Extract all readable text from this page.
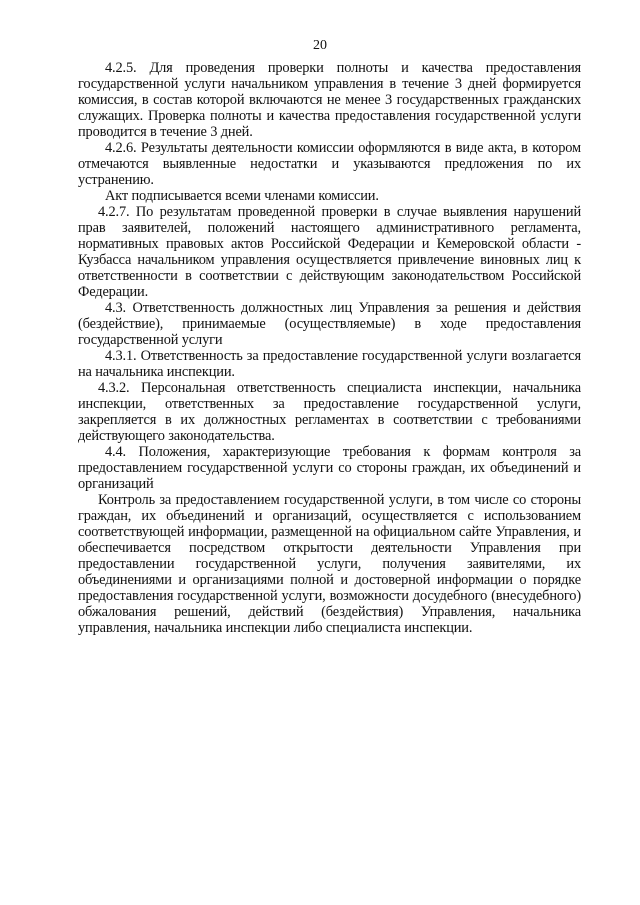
20

4.2.5. Для проведения проверки полноты и качества предоставления государственной услуги начальником управления в течение 3 дней формируется комиссия, в состав которой включаются не менее 3 государственных гражданских служащих. Проверка полноты и качества предоставления государственной услуги проводится в течение 3 дней.

4.2.6. Результаты деятельности комиссии оформляются в виде акта, в котором отмечаются выявленные недостатки и указываются предложения по их устранению.

Акт подписывается всеми членами комиссии.

4.2.7. По результатам проведенной проверки в случае выявления нарушений прав заявителей, положений настоящего административного регламента, нормативных правовых актов Российской Федерации и Кемеровской области - Кузбасса начальником управления осуществляется привлечение виновных лиц к ответственности в соответствии с действующим законодательством Российской Федерации.

4.3. Ответственность должностных лиц Управления за решения и действия (бездействие), принимаемые (осуществляемые) в ходе предоставления государственной услуги

4.3.1. Ответственность за предоставление государственной услуги возлагается на начальника инспекции.

4.3.2. Персональная ответственность специалиста инспекции, начальника инспекции, ответственных за предоставление государственной услуги, закрепляется в их должностных регламентах в соответствии с требованиями действующего законодательства.

4.4. Положения, характеризующие требования к формам контроля за предоставлением государственной услуги со стороны граждан, их объединений и организаций

Контроль за предоставлением государственной услуги, в том числе со стороны граждан, их объединений и организаций, осуществляется с использованием соответствующей информации, размещенной на официальном сайте Управления, и обеспечивается посредством открытости деятельности Управления при предоставлении государственной услуги, получения заявителями, их объединениями и организациями полной и достоверной информации о порядке предоставления государственной услуги, возможности досудебного (внесудебного) обжалования решений, действий (бездействия) Управления, начальника управления, начальника инспекции либо специалиста инспекции.
